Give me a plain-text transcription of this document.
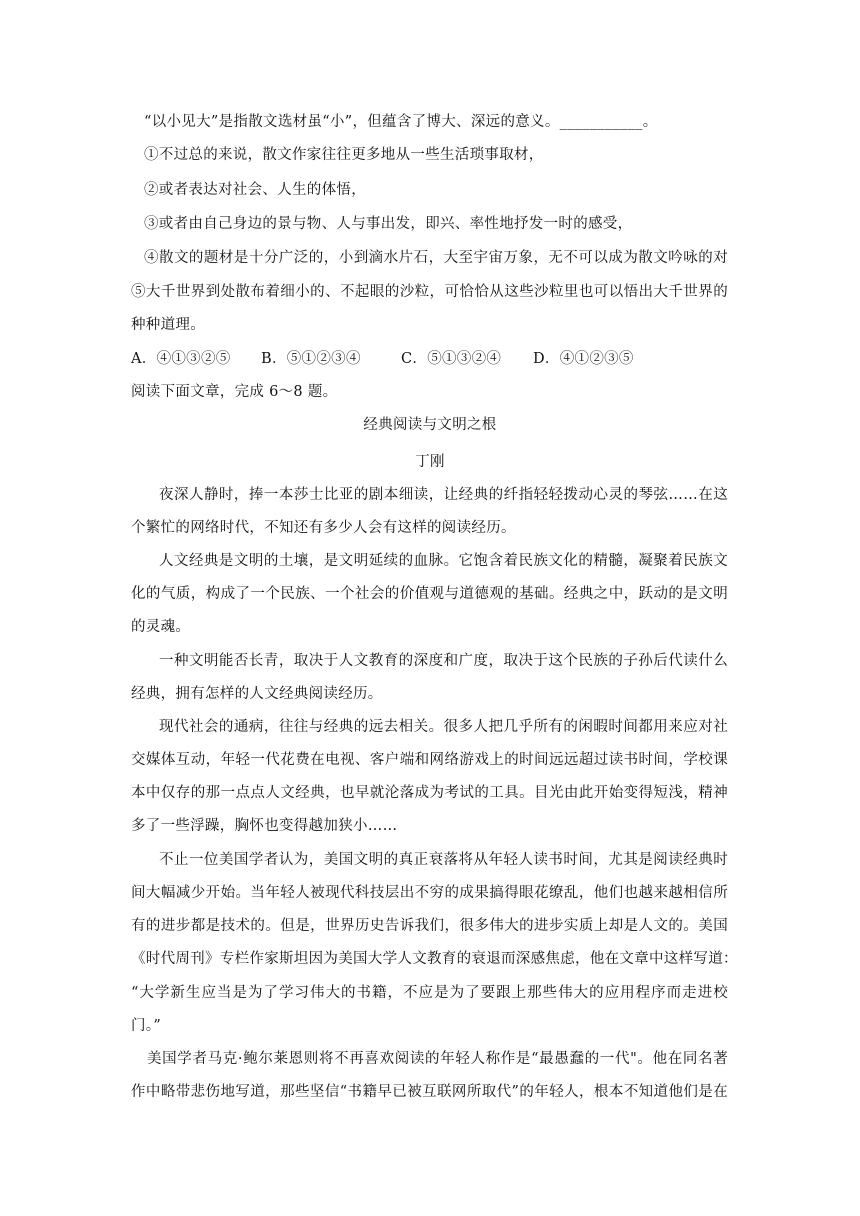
“以小见大”是指散文选材虽“小”，但蕴含了博大、深远的意义。___________。
①不过总的来说，散文作家往往更多地从一些生活琐事取材，
②或者表达对社会、人生的体悟，
③或者由自己身边的景与物、人与事出发，即兴、率性地抒发一时的感受，
④散文的题材是十分广泛的，小到滴水片石，大至宇宙万象，无不可以成为散文吟咏的对
⑤大千世界到处散布着细小的、不起眼的沙粒，可恰恰从这些沙粒里也可以悟出大千世界的
种种道理。
A．④①③②⑤ B．⑤①②③④	C．⑤①③②④ D．④①②③⑤
阅读下面文章，完成 6～8 题。
经典阅读与文明之根
丁刚
夜深人静时，捧一本莎士比亚的剧本细读，让经典的纤指轻轻拨动心灵的琴弦……在这
个繁忙的网络时代，不知还有多少人会有这样的阅读经历。
人文经典是文明的土壤，是文明延续的血脉。它饱含着民族文化的精髓，凝聚着民族文
化的气质，构成了一个民族、一个社会的价值观与道德观的基础。经典之中，跃动的是文明
的灵魂。
一种文明能否长青，取决于人文教育的深度和广度，取决于这个民族的子孙后代读什么
经典，拥有怎样的人文经典阅读经历。
现代社会的通病，往往与经典的远去相关。很多人把几乎所有的闲暇时间都用来应对社
交媒体互动，年轻一代花费在电视、客户端和网络游戏上的时间远远超过读书时间，学校课
本中仅存的那一点点人文经典，也早就沦落成为考试的工具。目光由此开始变得短浅，精神
多了一些浮躁，胸怀也变得越加狭小……
不止一位美国学者认为，美国文明的真正衰落将从年轻人读书时间，尤其是阅读经典时
间大幅减少开始。当年轻人被现代科技层出不穷的成果搞得眼花缭乱，他们也越来越相信所
有的进步都是技术的。但是，世界历史告诉我们，很多伟大的进步实质上却是人文的。美国
《时代周刊》专栏作家斯坦因为美国大学人文教育的衰退而深感焦虑，他在文章中这样写道：
“大学新生应当是为了学习伟大的书籍，不应是为了要跟上那些伟大的应用程序而走进校
门。”
美国学者马克·鲍尔莱恩则将不再喜欢阅读的年轻人称作是“最愚蠢的一代"。他在同名著
作中略带悲伤地写道，那些坚信“书籍早已被互联网所取代”的年轻人，根本不知道他们是在
